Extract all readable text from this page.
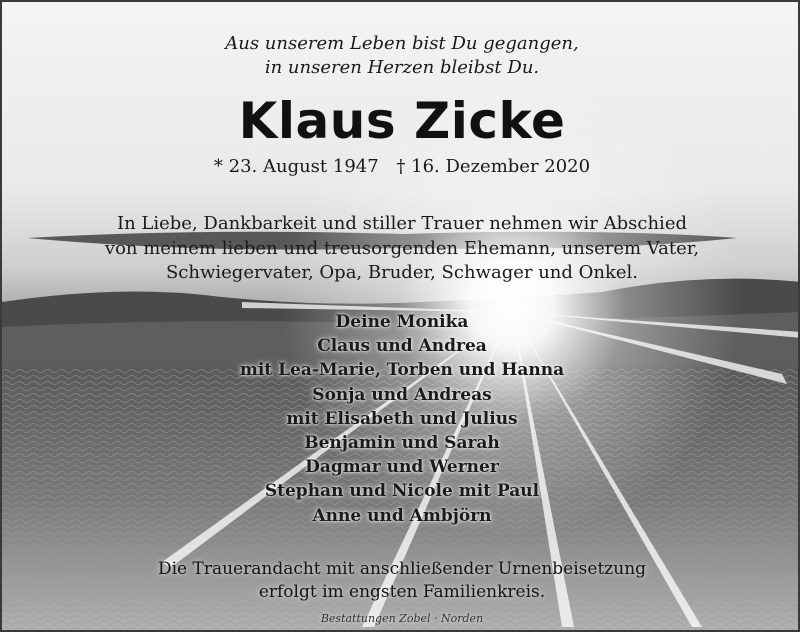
Aus unserem Leben bist Du gegangen,
in unseren Herzen bleibst Du.
Klaus Zicke
* 23. August 1947 † 16. Dezember 2020
In Liebe, Dankbarkeit und stiller Trauer nehmen wir Abschied
von meinem lieben und treusorgenden Ehemann, unserem Vater,
Schwiegervater, Opa, Bruder, Schwager und Onkel.
Deine Monika
Claus und Andrea
mit Lea-Marie, Torben und Hanna
Sonja und Andreas
mit Elisabeth und Julius
Benjamin und Sarah
Dagmar und Werner
Stephan und Nicole mit Paul
Anne und Ambjörn
Die Trauerandacht mit anschließender Urnenbeisetzung
erfolgt im engsten Familienkreis.
Bestattungen Zobel · Norden
